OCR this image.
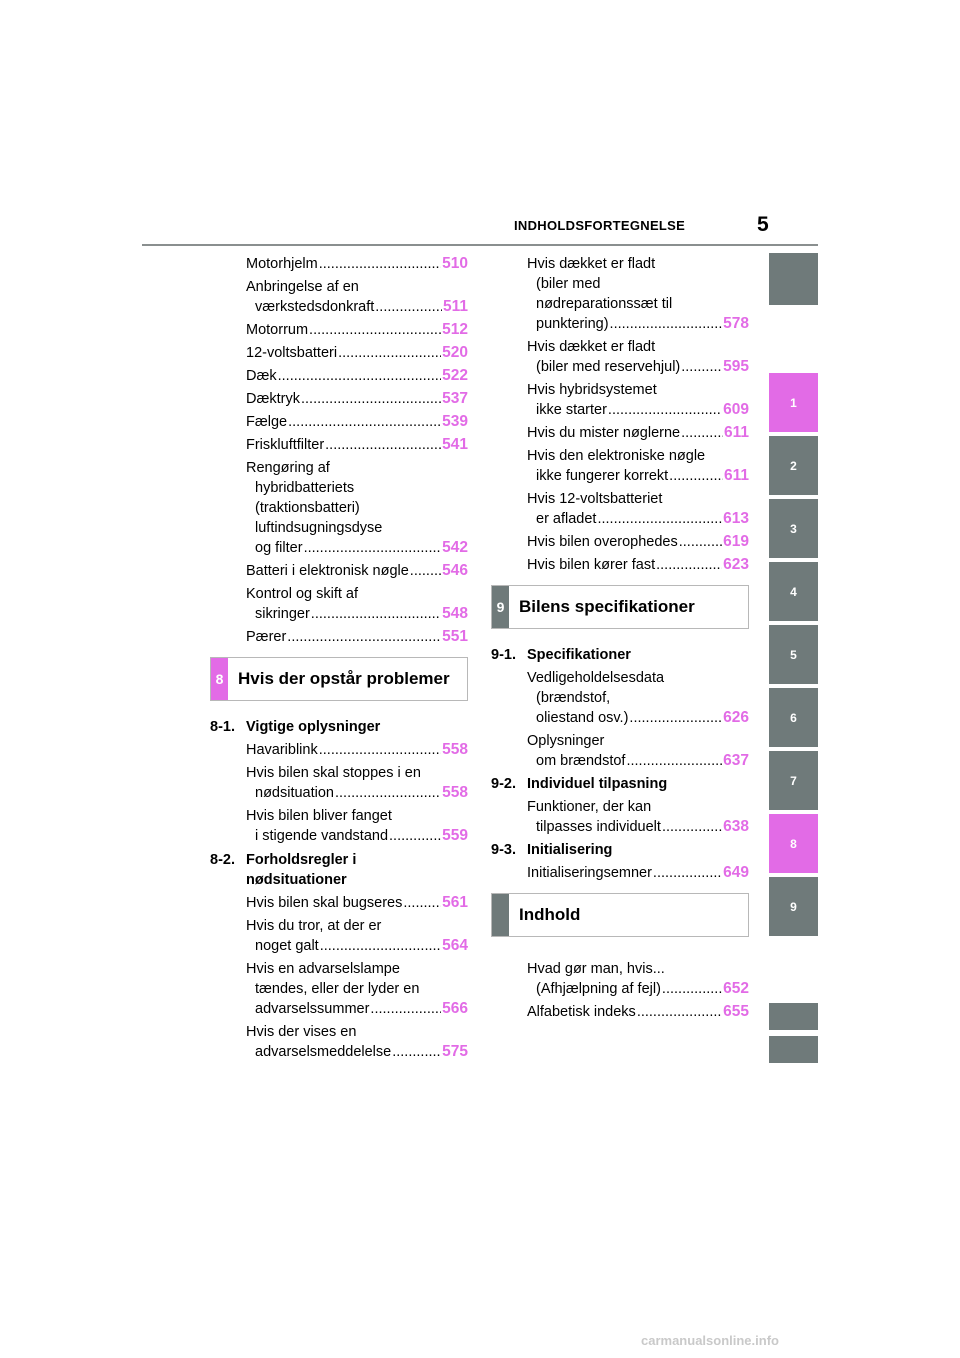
INDHOLDSFORTEGNELSE	5
1
2
3
4
5
6
7
8
9
Motorhjelm .....	510
Anbringelse af en
værkstedsdonkraft .....	511
Motorrum .....	512
12-voltsbatteri .....	520
Dæk .....	522
Dæktryk .....	537
Fælge .....	539
Friskluftfilter .....	541
Rengøring af
hybridbatteriets
(traktionsbatteri)
luftindsugningsdyse
og filter .....	542
Batteri i elektronisk nøgle ..... 546
Kontrol og skift af
sikringer .....	548
Pærer .....	551
8 Hvis der opstår problemer
8-1. Vigtige oplysninger
Havariblink .....	558
Hvis bilen skal stoppes i en
nødsituation .....	558
Hvis bilen bliver fanget
i stigende vandstand .....	559
8-2. Forholdsregler i
nødsituationer
Hvis bilen skal bugseres .....	561
Hvis du tror, at der er
noget galt .....	564
Hvis en advarselslampe
tændes, eller der lyder en
advarselssummer .....	566
Hvis der vises en
advarselsmeddelelse .....	575
Hvis dækket er fladt
(biler med
nødreparationssæt til
punktering) .....	578
Hvis dækket er fladt
(biler med reservehjul) .....	595
Hvis hybridsystemet
ikke starter .....	609
Hvis du mister nøglerne .....	611
Hvis den elektroniske nøgle
ikke fungerer korrekt .....	611
Hvis 12-voltsbatteriet
er afladet .....	613
Hvis bilen overophedes .....	619
Hvis bilen kører fast .....	623
9 Bilens specifikationer
9-1. Specifikationer
Vedligeholdelsesdata
(brændstof,
oliestand osv.) .....	626
Oplysninger
om brændstof .....	637
9-2. Individuel tilpasning
Funktioner, der kan
tilpasses individuelt .....	638
9-3. Initialisering
Initialiseringsemner .....	649
Indhold
Hvad gør man, hvis...
(Afhjælpning af fejl) .....	652
Alfabetisk indeks .....	655
carmanualsonline.info
